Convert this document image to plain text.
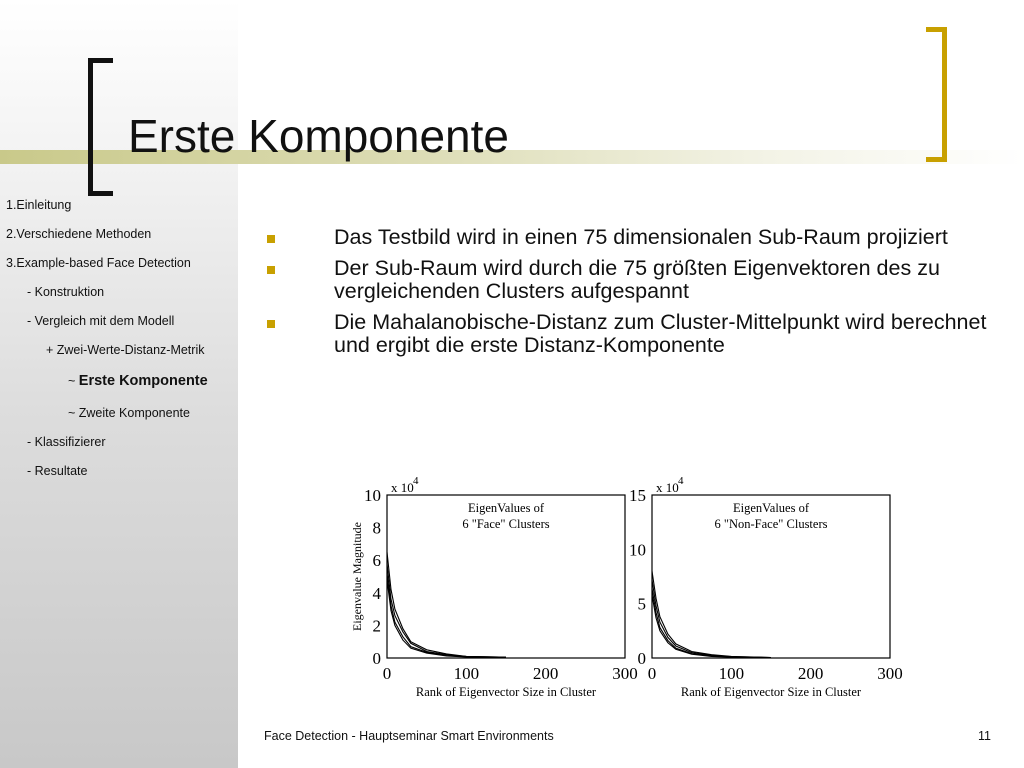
Erste Komponente
1.Einleitung
2.Verschiedene Methoden
3.Example-based Face Detection
- Konstruktion
- Vergleich mit dem Modell
+ Zwei-Werte-Distanz-Metrik
~ Erste Komponente
~ Zweite Komponente
- Klassifizierer
- Resultate
Das Testbild wird in einen 75 dimensionalen Sub-Raum projiziert
Der Sub-Raum wird durch die 75 größten Eigenvektoren des zu vergleichenden Clusters aufgespannt
Die Mahalanobische-Distanz zum Cluster-Mittelpunkt wird berechnet und ergibt die erste Distanz-Komponente
0
2
4
6
8
10
0	100	200	300
x 10 4
EigenValues of
6 "Face" Clusters
Rank of Eigenvector Size in Cluster
Eigenvalue Magnitude
0
5
10
15
0	100	200	300
x 10 4
EigenValues of
6 "Non-Face" Clusters
Rank of Eigenvector Size in Cluster
Face Detection - Hauptseminar Smart Environments	11
